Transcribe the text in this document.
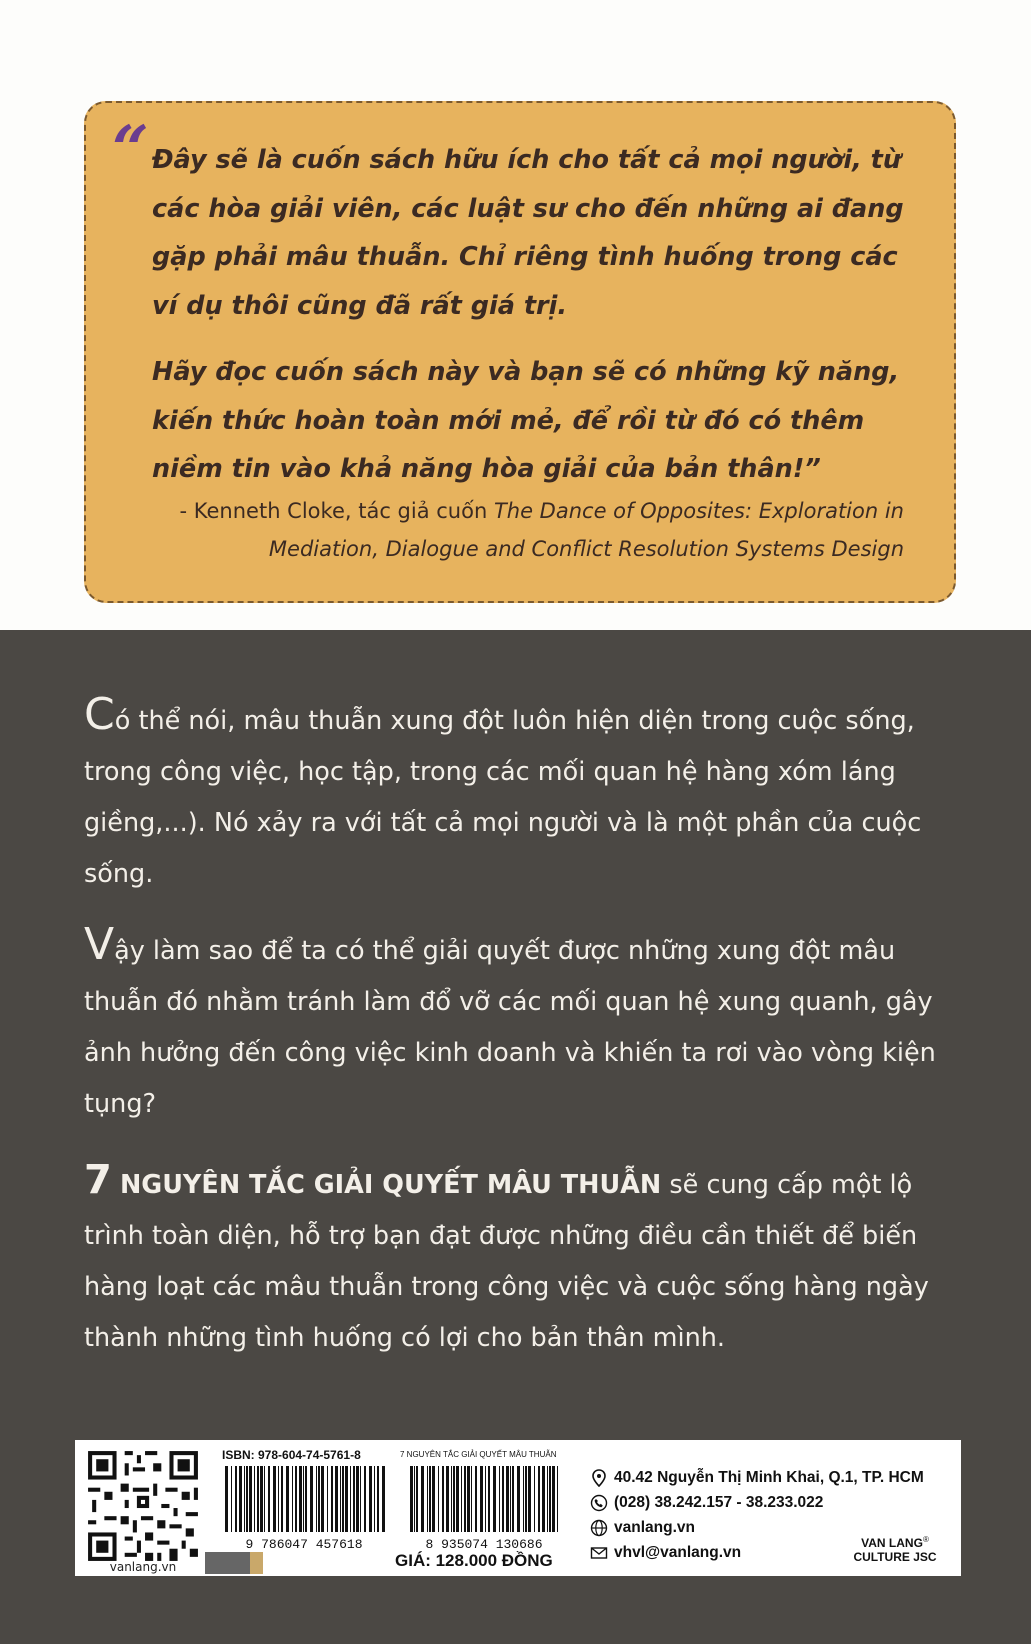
“ Đây sẽ là cuốn sách hữu ích cho tất cả mọi người, từ các hòa giải viên, các luật sư cho đến những ai đang gặp phải mâu thuẫn. Chỉ riêng tình huống trong các ví dụ thôi cũng đã rất giá trị.

Hãy đọc cuốn sách này và bạn sẽ có những kỹ năng, kiến thức hoàn toàn mới mẻ, để rồi từ đó có thêm niềm tin vào khả năng hòa giải của bản thân!”

- Kenneth Cloke, tác giả cuốn The Dance of Opposites: Exploration in Mediation, Dialogue and Conflict Resolution Systems Design
Có thể nói, mâu thuẫn xung đột luôn hiện diện trong cuộc sống, trong công việc, học tập, trong các mối quan hệ hàng xóm láng giềng,...). Nó xảy ra với tất cả mọi người và là một phần của cuộc sống.
Vậy làm sao để ta có thể giải quyết được những xung đột mâu thuẫn đó nhằm tránh làm đổ vỡ các mối quan hệ xung quanh, gây ảnh hưởng đến công việc kinh doanh và khiến ta rơi vào vòng kiện tụng?
7 NGUYÊN TẮC GIẢI QUYẾT MÂU THUẪN sẽ cung cấp một lộ trình toàn diện, hỗ trợ bạn đạt được những điều cần thiết để biến hàng loạt các mâu thuẫn trong công việc và cuộc sống hàng ngày thành những tình huống có lợi cho bản thân mình.
vanlang.vn
ISBN: 978-604-74-5761-8	7 NGUYÊN TẮC GIẢI QUYẾT MÂU THUẪN
9 786047 457618	8 935074 130686
GIÁ: 128.000 ĐỒNG
40.42 Nguyễn Thị Minh Khai, Q.1, TP. HCM
(028) 38.242.157 - 38.233.022
vanlang.vn
vhvl@vanlang.vn
VAN LANG®
CULTURE JSC
